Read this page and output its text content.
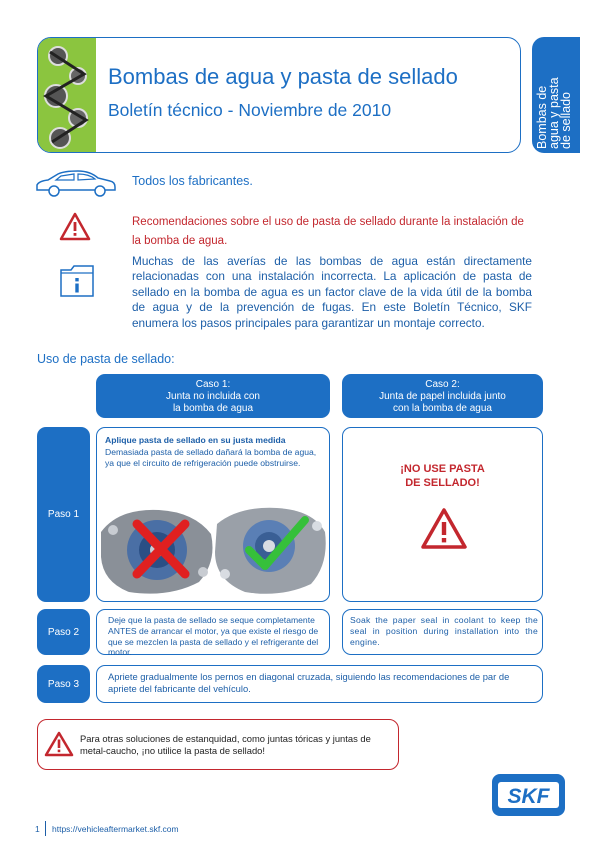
Bombas de agua y pasta de sellado
Boletín técnico - Noviembre de 2010	Bombas de
agua y pasta
de sellado
Todos los fabricantes.
Recomendaciones sobre el uso de pasta de sellado durante la instalación de la bomba de agua.
Muchas de las averías de las bombas de agua están directamente relacionadas con una instalación incorrecta. La aplicación de pasta de sellado en la bomba de agua es un factor clave de la vida útil de la bomba de agua y de la prevención de fugas. En este Boletín Técnico, SKF enumera los pasos principales para garantizar un montaje correcto.
Uso de pasta de sellado:
Caso 1:
Junta no incluida con
la bomba de agua
Caso 2:
Junta de papel incluida junto
con la bomba de agua
Paso 1
Paso 2
Paso 3
Aplique pasta de sellado en su justa medida
Demasiada pasta de sellado dañará la bomba de agua, ya que el circuito de refrigeración puede obstruirse.
¡NO USE PASTA
DE SELLADO!
Deje que la pasta de sellado se seque completamente ANTES de arrancar el motor, ya que existe el riesgo de que se mezclen la pasta de sellado y el refrigerante del motor.
Soak the paper seal in coolant to keep the seal in position during installation into the engine.
Apriete gradualmente los pernos en diagonal cruzada, siguiendo las recomendaciones de par de apriete del fabricante del vehículo.
Para otras soluciones de estanquidad, como juntas tóricas y juntas de metal-caucho, ¡no utilice la pasta de sellado!
SKF
1 https://vehicleaftermarket.skf.com
